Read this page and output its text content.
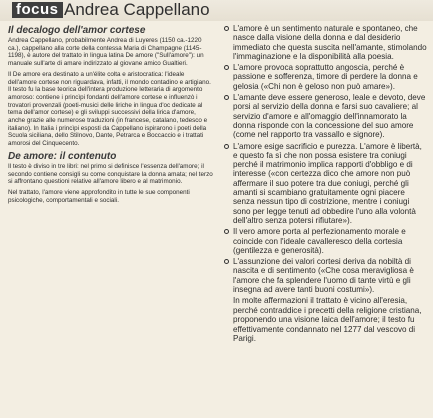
focus Andrea Cappellano
Il decalogo dell'amor cortese

Andrea Cappellano, probabilmente Andrea di Luyeres (1150 ca.-1220 ca.), cappellano alla corte della contessa Maria di Champagne (1145-1198), è autore del trattato in lingua latina De amore ("Sull'amore"): un manuale sull'arte di amare indirizzato al giovane amico Gualtieri.

Il De amore era destinato a un'élite colta e aristocratica: l'ideale dell'amore cortese non riguardava, infatti, il mondo contadino e artigiano. Il testo fu la base teorica dell'intera produzione letteraria di argomento amoroso: contiene i princìpi fondanti dell'amore cortese e influenzò i trovatori provenzali (poeti-musici delle liriche in lingua d'oc dedicate al tema dell'amor cortese) e gli sviluppi successivi della lirica d'amore, anche grazie alle numerose traduzioni (in francese, catalano, tedesco e italiano). In Italia i princìpi esposti da Cappellano ispirarono i poeti della Scuola siciliana, dello Stilnovo, Dante, Petrarca e Boccaccio e i trattati amorosi del Cinquecento.

De amore: il contenuto

Il testo è diviso in tre libri: nel primo si definisce l'essenza dell'amore; il secondo contiene consigli su come conquistare la donna amata; nel terzo si affrontano questioni relative all'amore libero e al matrimonio.

Nel trattato, l'amore viene approfondito in tutte le sue componenti psicologiche, comportamentali e sociali.

L'amore è un sentimento naturale e spontaneo, che nasce dalla visione della donna e dal desiderio immediato che questa suscita nell'amante, stimolando l'immaginazione e la disponibilità alla poesia.
L'amore provoca soprattutto angoscia, perché è passione e sofferenza, timore di perdere la donna e gelosia («Chi non è geloso non può amare»).
L'amante deve essere generoso, leale e devoto, deve porsi al servizio della donna e farsi suo cavaliere; al servizio d'amore e all'omaggio dell'innamorato la donna risponde con la concessione del suo amore (come nel rapporto tra vassallo e signore).
L'amore esige sacrificio e purezza. L'amore è libertà, e questo fa sì che non possa esistere tra coniugi perché il matrimonio implica rapporti d'obbligo e di interesse («con certezza dico che amore non può affermare il suo potere tra due coniugi, perché gli amanti si scambiano gratuitamente ogni piacere senza nessun tipo di costrizione, mentre i coniugi sono per legge tenuti ad obbedire l'uno alla volontà dell'altro senza potersi rifiutare»).
Il vero amore porta al perfezionamento morale e coincide con l'ideale cavalleresco della cortesia (gentilezza e generosità).
L'assunzione dei valori cortesi deriva da nobiltà di nascita e di sentimento («Che cosa meravigliosa è l'amore che fa splendere l'uomo di tante virtù e gli insegna ad avere tanti buoni costumi»).

In molte affermazioni il trattato è vicino all'eresia, perché contraddice i precetti della religione cristiana, proponendo una visione laica dell'amore; il testo fu effettivamente condannato nel 1277 dal vescovo di Parigi.
